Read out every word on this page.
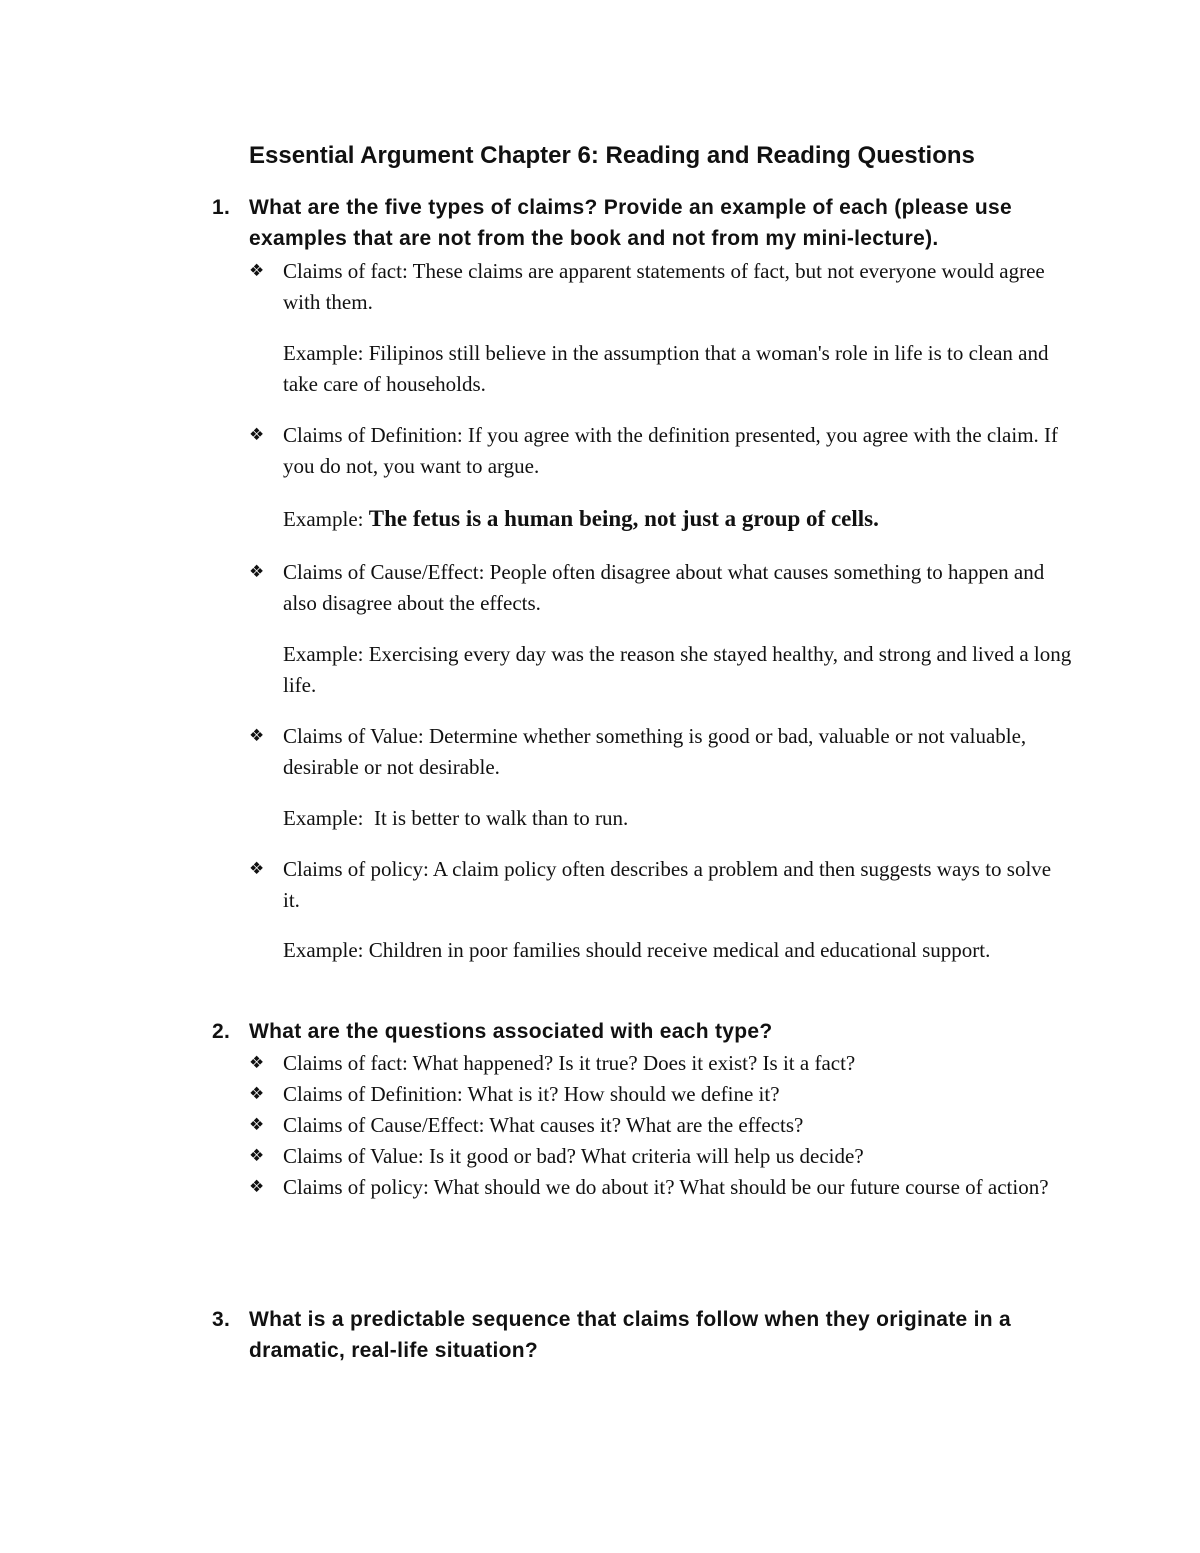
Essential Argument Chapter 6: Reading and Reading Questions
1. What are the five types of claims? Provide an example of each (please use examples that are not from the book and not from my mini-lecture).
❖ Claims of fact: These claims are apparent statements of fact, but not everyone would agree with them.
Example: Filipinos still believe in the assumption that a woman's role in life is to clean and take care of households.
❖ Claims of Definition: If you agree with the definition presented, you agree with the claim. If you do not, you want to argue.
Example: The fetus is a human being, not just a group of cells.
❖ Claims of Cause/Effect: People often disagree about what causes something to happen and also disagree about the effects.
Example: Exercising every day was the reason she stayed healthy, and strong and lived a long life.
❖ Claims of Value: Determine whether something is good or bad, valuable or not valuable, desirable or not desirable.
Example:  It is better to walk than to run.
❖ Claims of policy: A claim policy often describes a problem and then suggests ways to solve it.
Example: Children in poor families should receive medical and educational support.
2. What are the questions associated with each type?
❖ Claims of fact: What happened? Is it true? Does it exist? Is it a fact?
❖ Claims of Definition: What is it? How should we define it?
❖ Claims of Cause/Effect: What causes it? What are the effects?
❖ Claims of Value: Is it good or bad? What criteria will help us decide?
❖ Claims of policy: What should we do about it? What should be our future course of action?
3. What is a predictable sequence that claims follow when they originate in a dramatic, real-life situation?
